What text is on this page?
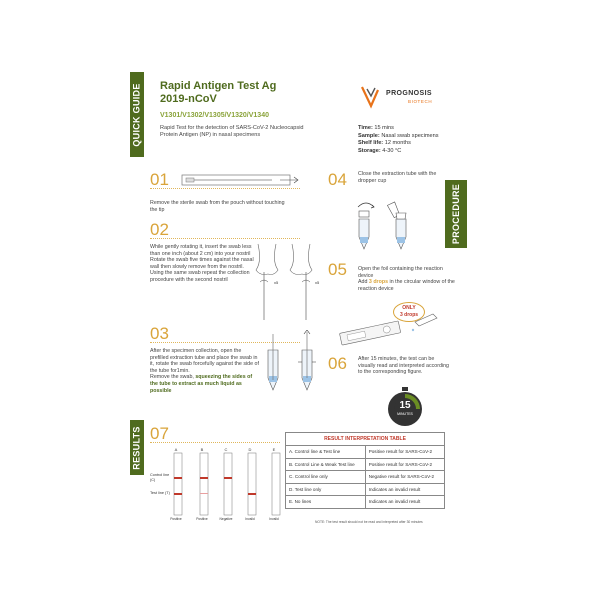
QUICK GUIDE Rapid Antigen Test Ag
2019-nCoV
V1301/V1302/V1305/V1320/V1340
Rapid Test for the detection of SARS-CoV-2 Nucleocapsid Protein Antigen (NP) in nasal specimens
PROGNOSIS
BIOTECH
Time: 15 mins
Sample: Nasal swab specimens
Shelf life: 12 months
Storage: 4-30 °C
01
Remove the sterile swab from the pouch without touching the tip
04 Close the extraction tube with the dropper cup
PROCEDURE
02
While gently rotating it, insert the swab less than one inch (about 2 cm) into your nostril
Rotate the swab five times against the nasal wall then slowly remove from the nostril.
Using the same swab repeat the collection procedure with the second nostril	x5	x5
05 Open the foil containing the reaction device
Add 3 drops in the circular window of the reaction device
ONLY
3 drops
03
After the specimen collection, open the prefilled extraction tube and place the swab in it, rotate the swab forcefully against the side of the tube for1min.
Remove the swab, squeezing the sides of the tube to extract as much liquid as possible
06 After 15 minutes, the test can be visually read and interpreted according to the corresponding figure.
15
MINUTES
RESULTS 07
Control line (C)
Test line (T)
A	B	C	D	E
Positive	Positive	Negative	Invalid	Invalid
RESULT INTERPRETATION TABLE	
A. Control line & Test line	Positive result for SARS-CoV-2
B. Control Line & Weak Test line	Positive result for SARS-CoV-2
C. Control line only	Negative result for SARS-CoV-2
D. Test line only	Indicates an invalid result
E. No lines	Indicates an invalid result
NOTE: The test result should not be read and interpreted after 30 minutes
